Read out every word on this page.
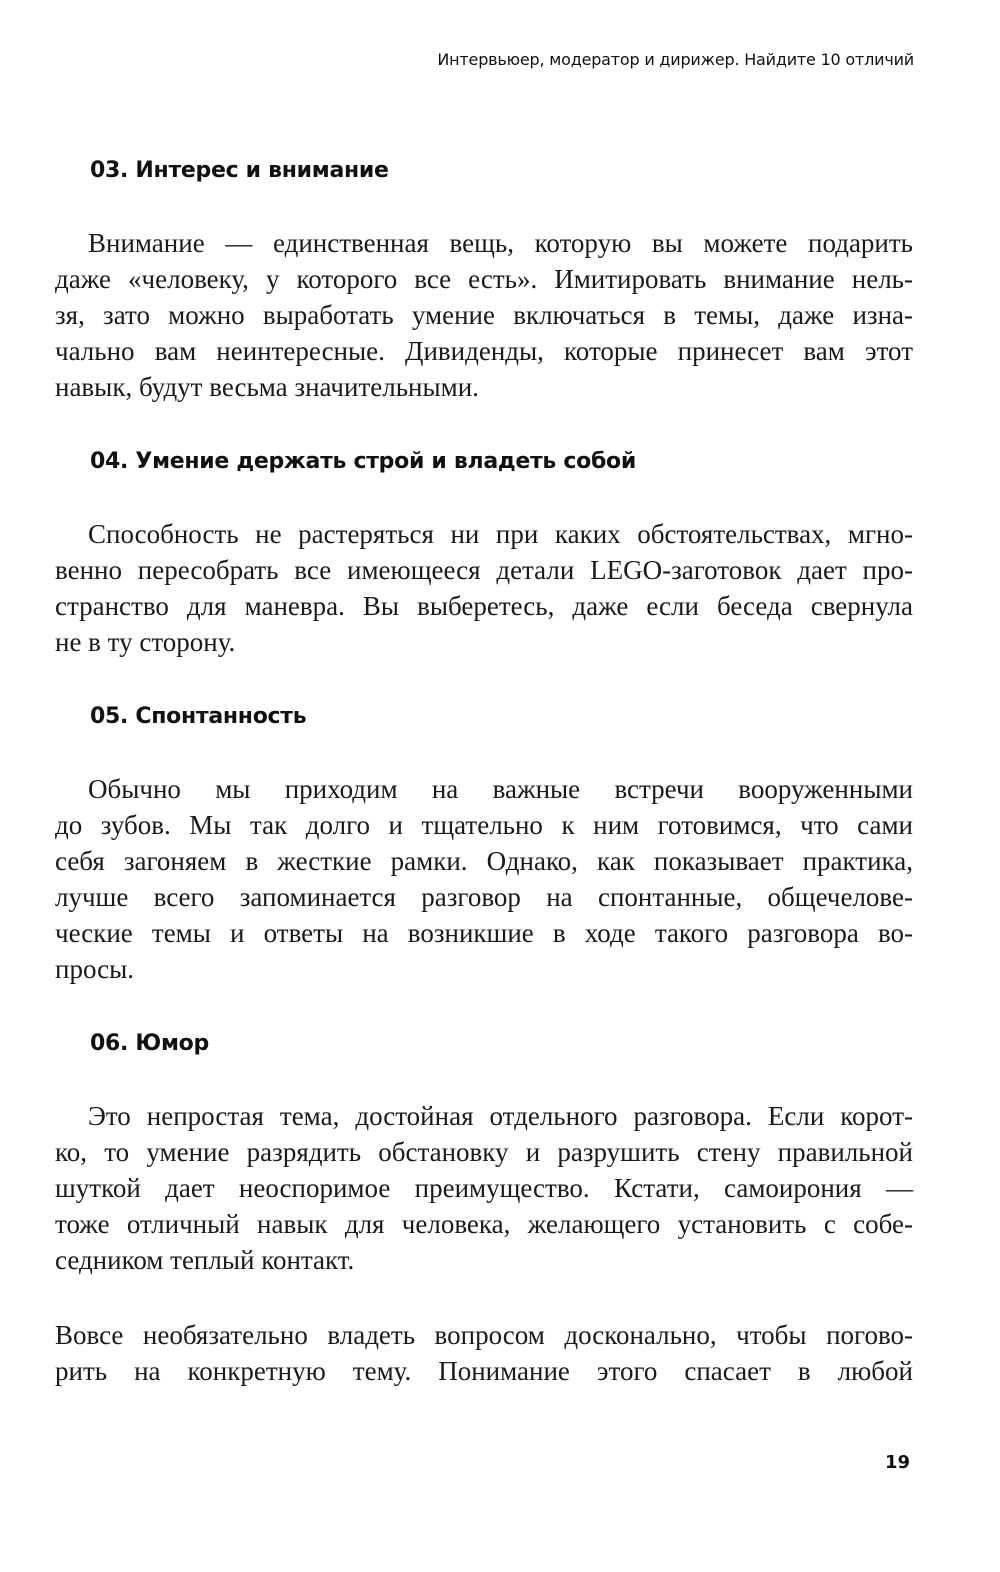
Интервьюер, модератор и дирижер. Найдите 10 отличий
03. Интерес и внимание
Внимание — единственная вещь, которую вы можете подарить
даже «человеку, у которого все есть». Имитировать внимание нель-
зя, зато можно выработать умение включаться в темы, даже изна-
чально вам неинтересные. Дивиденды, которые принесет вам этот
навык, будут весьма значительными.
04. Умение держать строй и владеть собой
Способность не растеряться ни при каких обстоятельствах, мгно-
венно пересобрать все имеющееся детали LEGO-заготовок дает про-
странство для маневра. Вы выберетесь, даже если беседа свернула
не в ту сторону.
05. Спонтанность
Обычно мы приходим на важные встречи вооруженными
до зубов. Мы так долго и тщательно к ним готовимся, что сами
себя загоняем в жесткие рамки. Однако, как показывает практика,
лучше всего запоминается разговор на спонтанные, общечелове-
ческие темы и ответы на возникшие в ходе такого разговора во-
просы.
06. Юмор
Это непростая тема, достойная отдельного разговора. Если корот-
ко, то умение разрядить обстановку и разрушить стену правильной
шуткой дает неоспоримое преимущество. Кстати, самоирония —
тоже отличный навык для человека, желающего установить с собе-
седником теплый контакт.
Вовсе необязательно владеть вопросом досконально, чтобы погово-
рить на конкретную тему. Понимание этого спасает в любой
19
